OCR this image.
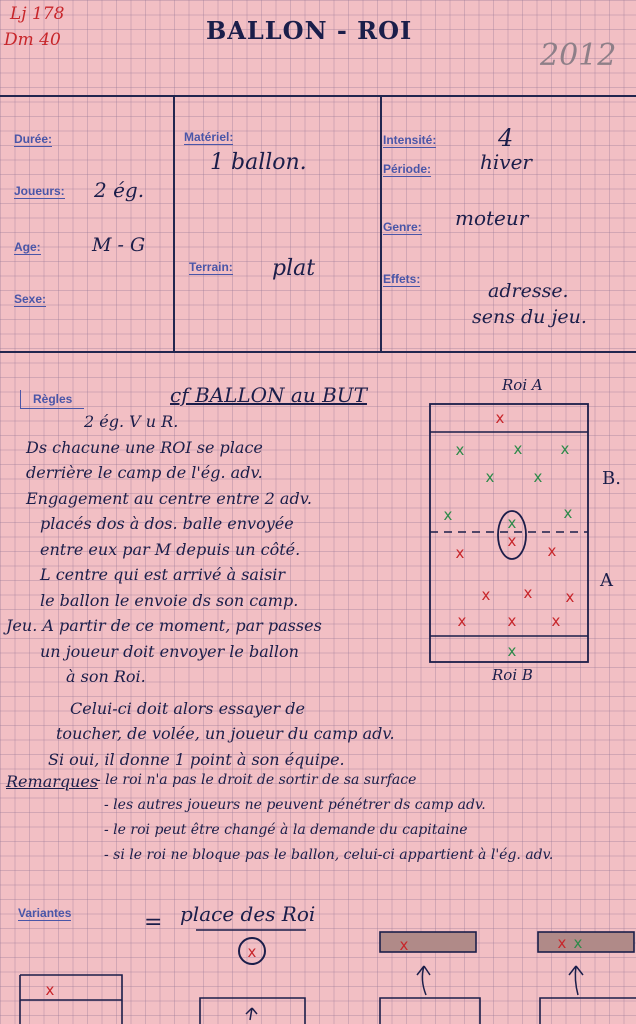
Lj 178
Dm 40	BALLON - ROI
2012
Durée:
Joueurs: 2 ég.
Age:	M - G
Sexe:
Matériel:
1 ballon.
Terrain: plat
Intensité:	4
Période: hiver
Genre: moteur
Effets:
adresse.
sens du jeu.
Règles	cf BALLON au BUT
2 ég. V u R.
Ds chacune une ROI se place
derrière le camp de l'ég. adv.
Engagement au centre entre 2 adv.
placés dos à dos. balle envoyée
entre eux par M depuis un côté.
L centre qui est arrivé à saisir
le ballon le envoie ds son camp.
Jeu. A partir de ce moment, par passes
un joueur doit envoyer le ballon
à son Roi.
Celui-ci doit alors essayer de
toucher, de volée, un joueur du camp adv.
Si oui, il donne 1 point à son équipe.
Remarques
- le roi n'a pas le droit de sortir de sa surface
- les autres joueurs ne peuvent pénétrer ds camp adv.
- le roi peut être changé à la demande du capitaine
- si le roi ne bloque pas le ballon, celui-ci appartient à l'ég. adv.
x
x	x	x
x	x
x	x
x
x
x	x
x x x
x	x x
x
x	x	x x
x
Roi A
Roi B
B.
A
Variantes	= place des Roi
